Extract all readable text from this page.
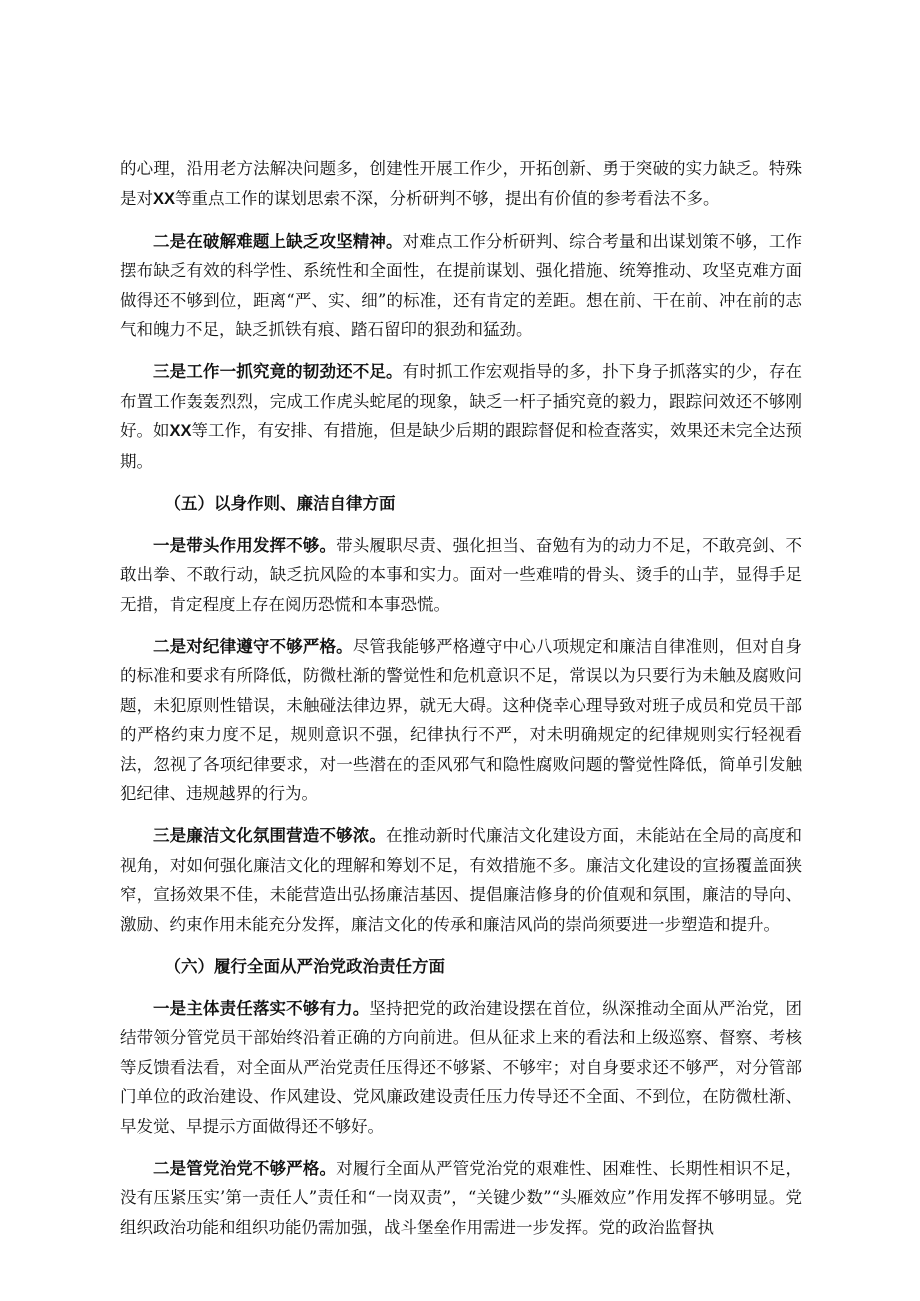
的心理，沿用老方法解决问题多，创建性开展工作少，开拓创新、勇于突破的实力缺乏。特殊是对XX等重点工作的谋划思索不深，分析研判不够，提出有价值的参考看法不多。

二是在破解难题上缺乏攻坚精神。对难点工作分析研判、综合考量和出谋划策不够，工作摆布缺乏有效的科学性、系统性和全面性，在提前谋划、强化措施、统筹推动、攻坚克难方面做得还不够到位，距离“严、实、细”的标准，还有肯定的差距。想在前、干在前、冲在前的志气和魄力不足，缺乏抓铁有痕、踏石留印的狠劲和猛劲。

三是工作一抓究竟的韧劲还不足。有时抓工作宏观指导的多，扑下身子抓落实的少，存在布置工作轰轰烈烈，完成工作虎头蛇尾的现象，缺乏一杆子插究竟的毅力，跟踪问效还不够刚好。如XX等工作，有安排、有措施，但是缺少后期的跟踪督促和检查落实，效果还未完全达预期。

（五）以身作则、廉洁自律方面

一是带头作用发挥不够。带头履职尽责、强化担当、奋勉有为的动力不足，不敢亮剑、不敢出拳、不敢行动，缺乏抗风险的本事和实力。面对一些难啃的骨头、烫手的山芋，显得手足无措，肯定程度上存在阅历恐慌和本事恐慌。

二是对纪律遵守不够严格。尽管我能够严格遵守中心八项规定和廉洁自律准则，但对自身的标准和要求有所降低，防微杜渐的警觉性和危机意识不足，常误以为只要行为未触及腐败问题，未犯原则性错误，未触碰法律边界，就无大碍。这种侥幸心理导致对班子成员和党员干部的严格约束力度不足，规则意识不强，纪律执行不严，对未明确规定的纪律规则实行轻视看法，忽视了各项纪律要求，对一些潜在的歪风邪气和隐性腐败问题的警觉性降低，简单引发触犯纪律、违规越界的行为。

三是廉洁文化氛围营造不够浓。在推动新时代廉洁文化建设方面，未能站在全局的高度和视角，对如何强化廉洁文化的理解和筹划不足，有效措施不多。廉洁文化建设的宣扬覆盖面狭窄，宣扬效果不佳，未能营造出弘扬廉洁基因、提倡廉洁修身的价值观和氛围，廉洁的导向、激励、约束作用未能充分发挥，廉洁文化的传承和廉洁风尚的崇尚须要进一步塑造和提升。

（六）履行全面从严治党政治责任方面

一是主体责任落实不够有力。坚持把党的政治建设摆在首位，纵深推动全面从严治党，团结带领分管党员干部始终沿着正确的方向前进。但从征求上来的看法和上级巡察、督察、考核等反馈看法看，对全面从严治党责任压得还不够紧、不够牢；对自身要求还不够严，对分管部门单位的政治建设、作风建设、党风廉政建设责任压力传导还不全面、不到位，在防微杜渐、早发觉、早提示方面做得还不够好。

二是管党治党不够严格。对履行全面从严管党治党的艰难性、困难性、长期性相识不足，没有压紧压实’第一责任人”责任和“一岗双责”，“关键少数”“头雁效应”作用发挥不够明显。党组织政治功能和组织功能仍需加强，战斗堡垒作用需进一步发挥。党的政治监督执
